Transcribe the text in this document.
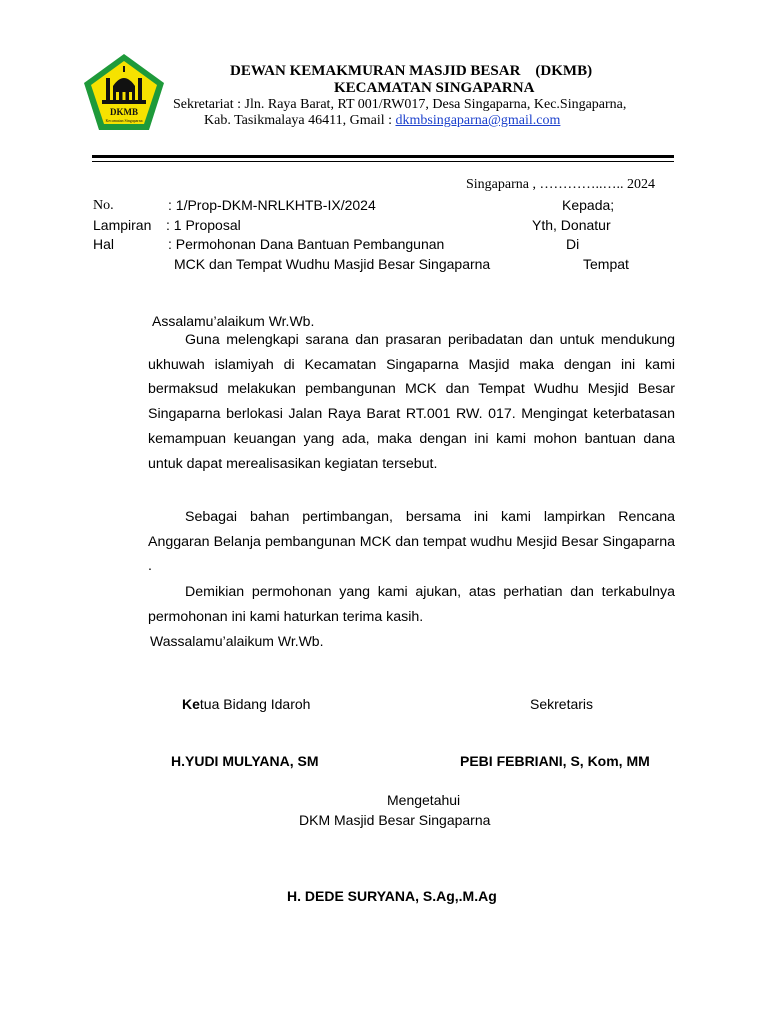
DKMB
Kecamatan Singaparna
DEWAN KEMAKMURAN MASJID BESAR    (DKMB)
KECAMATAN SINGAPARNA
Sekretariat : Jln. Raya Barat, RT 001/RW017, Desa Singaparna, Kec.Singaparna,
Kab. Tasikmalaya 46411, Gmail : dkmbsingaparna@gmail.com
Singaparna , …………..….. 2024
No.	: 1/Prop-DKM-NRLKHTB-IX/2024
Lampiran : 1 Proposal
Hal	: Permohonan Dana Bantuan Pembangunan
MCK dan Tempat Wudhu Masjid Besar Singaparna
Kepada;
Yth, Donatur
Di
Tempat
Assalamu’alaikum Wr.Wb.

Guna melengkapi sarana dan prasaran peribadatan dan untuk mendukung ukhuwah islamiyah di Kecamatan Singaparna Masjid maka dengan ini kami bermaksud melakukan pembangunan MCK dan Tempat Wudhu Mesjid Besar Singaparna berlokasi Jalan Raya Barat RT.001 RW. 017. Mengingat keterbatasan kemampuan keuangan yang ada, maka dengan ini kami mohon bantuan dana untuk dapat merealisasikan kegiatan tersebut.

Sebagai bahan pertimbangan, bersama ini kami lampirkan Rencana Anggaran Belanja pembangunan MCK dan tempat wudhu Mesjid Besar Singaparna .

Demikian permohonan yang kami ajukan, atas perhatian dan terkabulnya permohonan ini kami haturkan terima kasih.

Wassalamu’alaikum Wr.Wb.
Ketua Bidang Idaroh	Sekretaris
H.YUDI MULYANA, SM	PEBI FEBRIANI, S, Kom, MM
Mengetahui
DKM Masjid Besar Singaparna
H. DEDE SURYANA, S.Ag,.M.Ag
